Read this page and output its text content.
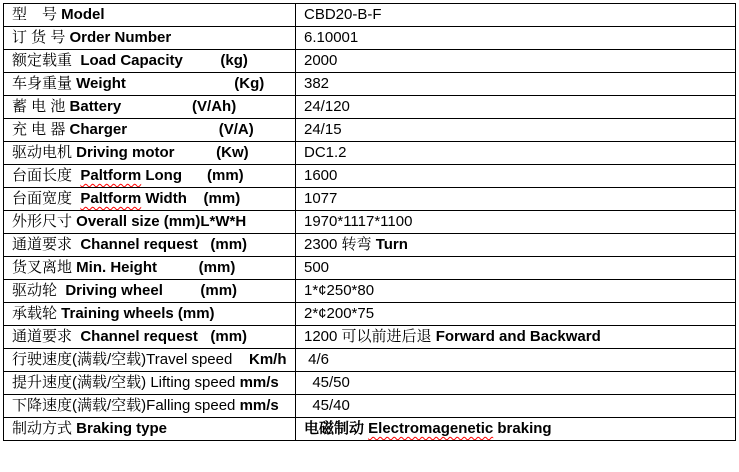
型　号 Model	CBD20-B-F
订 货 号 Order Number	6.10001
额定载重  Load Capacity         (kg)	2000
车身重量 Weight                          (Kg)	382
蓄 电 池 Battery                 (V/Ah)	24/120
充 电 器 Charger                      (V/A)	24/15
驱动电机 Driving motor          (Kw)	DC1.2
台面长度  Paltform Long      (mm)	1600
台面宽度  Paltform Width    (mm)	1077
外形尺寸 Overall size (mm)L*W*H	1970*1117*1100
通道要求  Channel request   (mm)	2300 转弯 Turn
货叉离地 Min. Height          (mm)	500
驱动轮  Driving wheel         (mm)	1*¢250*80
承载轮 Training wheels (mm)	2*¢200*75
通道要求  Channel request   (mm)	1200 可以前进后退 Forward and Backward
行驶速度(满载/空载)Travel speed    Km/h	4/6
提升速度(满载/空载) Lifting speed mm/s	45/50
下降速度(满载/空载)Falling speed mm/s	45/40
制动方式 Braking type	电磁制动 Electromagenetic braking
